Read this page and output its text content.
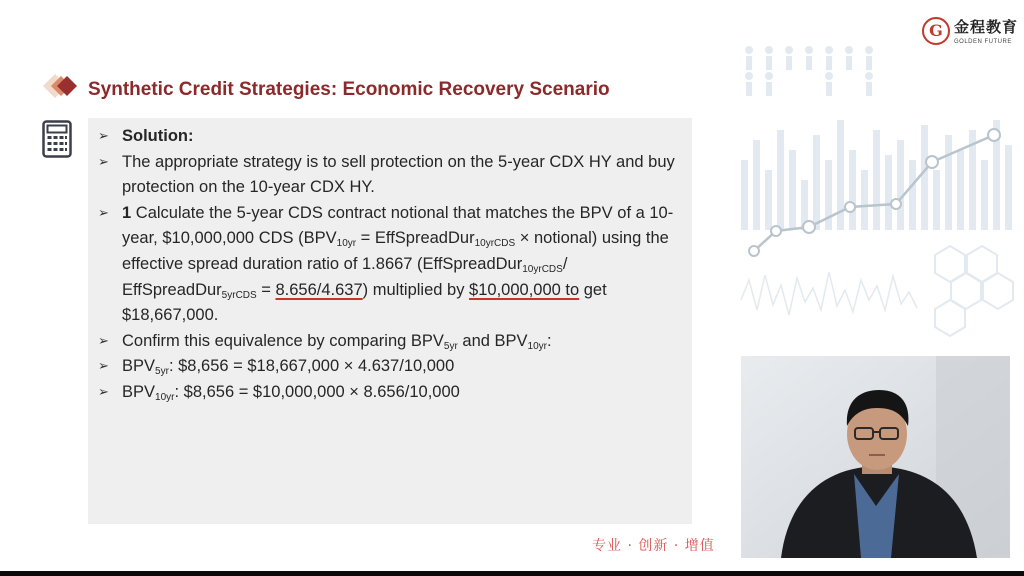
G 金程教育
GOLDEN FUTURE
Synthetic Credit Strategies: Economic Recovery Scenario
➢ Solution:
➢ The appropriate strategy is to sell protection on the 5-year CDX HY and buy protection on the 10-year CDX HY.
➢ 1 Calculate the 5-year CDS contract notional that matches the BPV of a 10-year, $10,000,000 CDS ($BPV_{10yr}$ = EffSpreadDur$_{10yrCDS}$ × notional) using the effective spread duration ratio of 1.8667 (EffSpreadDur$_{10yrCDS}$/ EffSpreadDur$_{5yrCDS}$ = 8.656/4.637) multiplied by $10,000,000 to get $18,667,000.
➢ Confirm this equivalence by comparing $BPV_{5yr}$ and $BPV_{10yr}$:
➢ $BPV_{5yr}$: $8,656 = $18,667,000 × 4.637/10,000
➢ $BPV_{10yr}$: $8,656 = $10,000,000 × 8.656/10,000
专业 · 创新 · 增值
